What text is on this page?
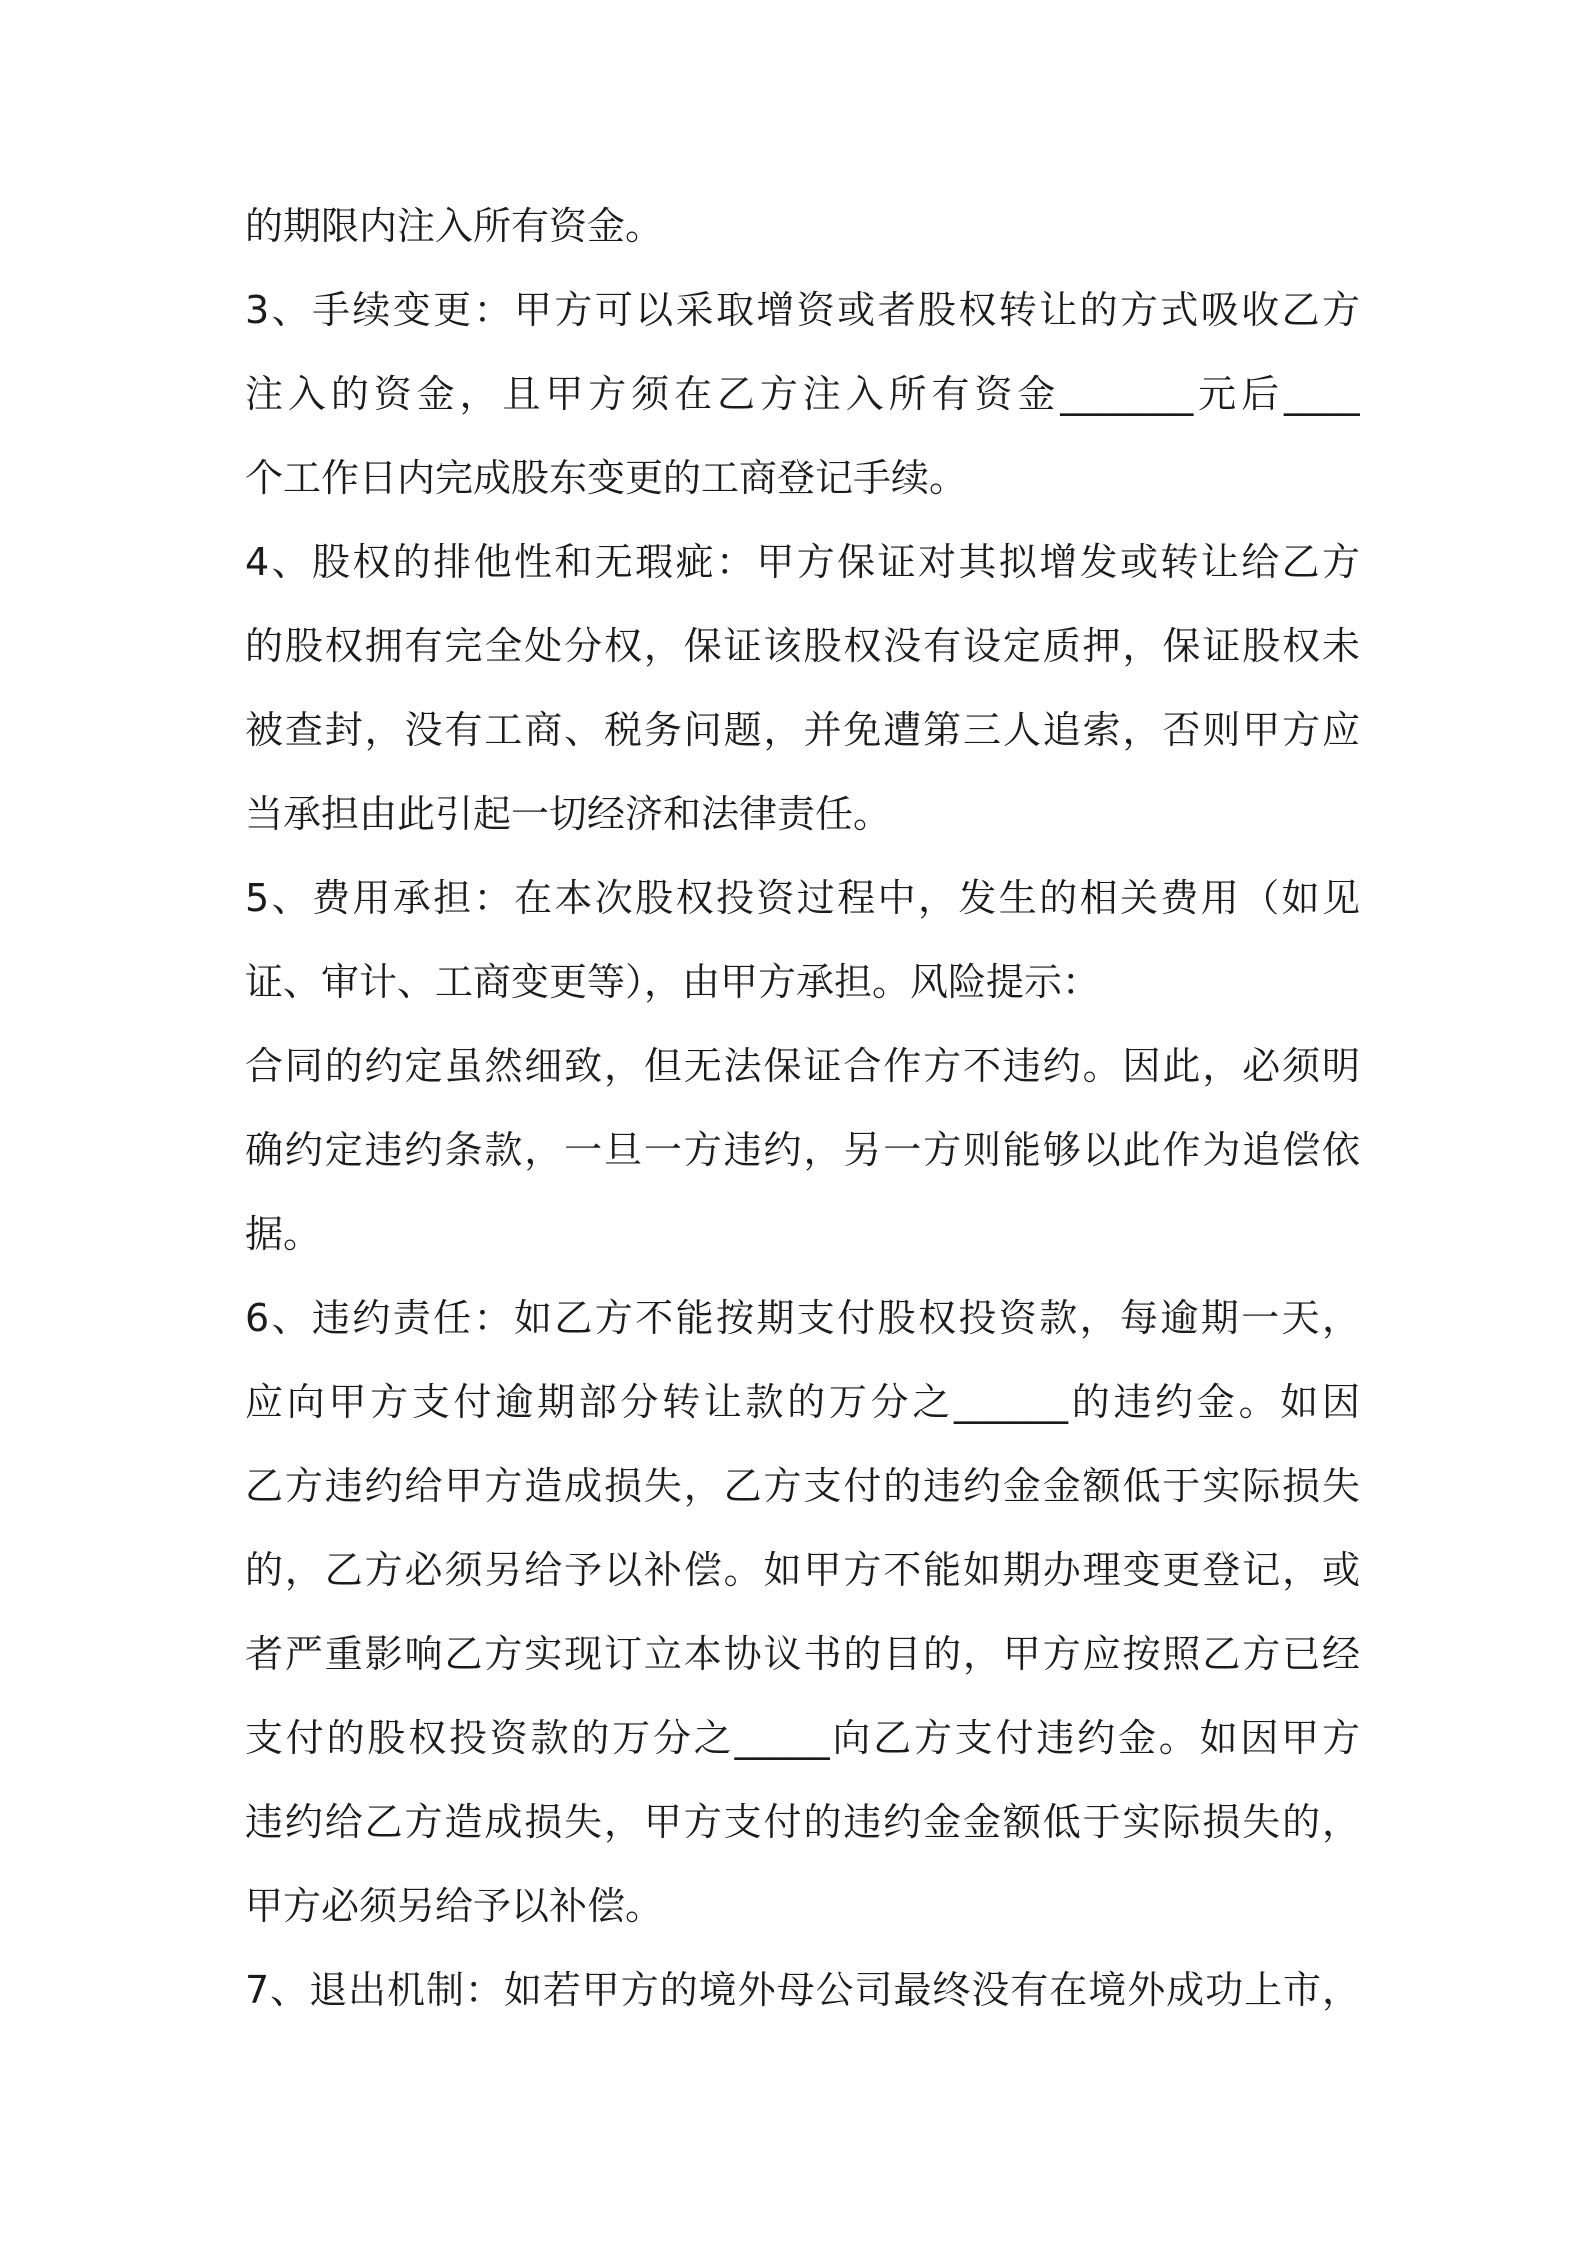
的期限内注入所有资金。
3、手续变更：甲方可以采取增资或者股权转让的方式吸收乙方
注入的资金，且甲方须在乙方注入所有资金_______元后____
个工作日内完成股东变更的工商登记手续。
4、股权的排他性和无瑕疵：甲方保证对其拟增发或转让给乙方
的股权拥有完全处分权，保证该股权没有设定质押，保证股权未
被查封，没有工商、税务问题，并免遭第三人追索，否则甲方应
当承担由此引起一切经济和法律责任。
5、费用承担：在本次股权投资过程中，发生的相关费用（如见
证、审计、工商变更等），由甲方承担。风险提示：
合同的约定虽然细致，但无法保证合作方不违约。因此，必须明
确约定违约条款，一旦一方违约，另一方则能够以此作为追偿依
据。
6、违约责任：如乙方不能按期支付股权投资款，每逾期一天，
应向甲方支付逾期部分转让款的万分之______的违约金。如因
乙方违约给甲方造成损失，乙方支付的违约金金额低于实际损失
的，乙方必须另给予以补偿。如甲方不能如期办理变更登记，或
者严重影响乙方实现订立本协议书的目的，甲方应按照乙方已经
支付的股权投资款的万分之_____向乙方支付违约金。如因甲方
违约给乙方造成损失，甲方支付的违约金金额低于实际损失的，
甲方必须另给予以补偿。
7、退出机制：如若甲方的境外母公司最终没有在境外成功上市，
